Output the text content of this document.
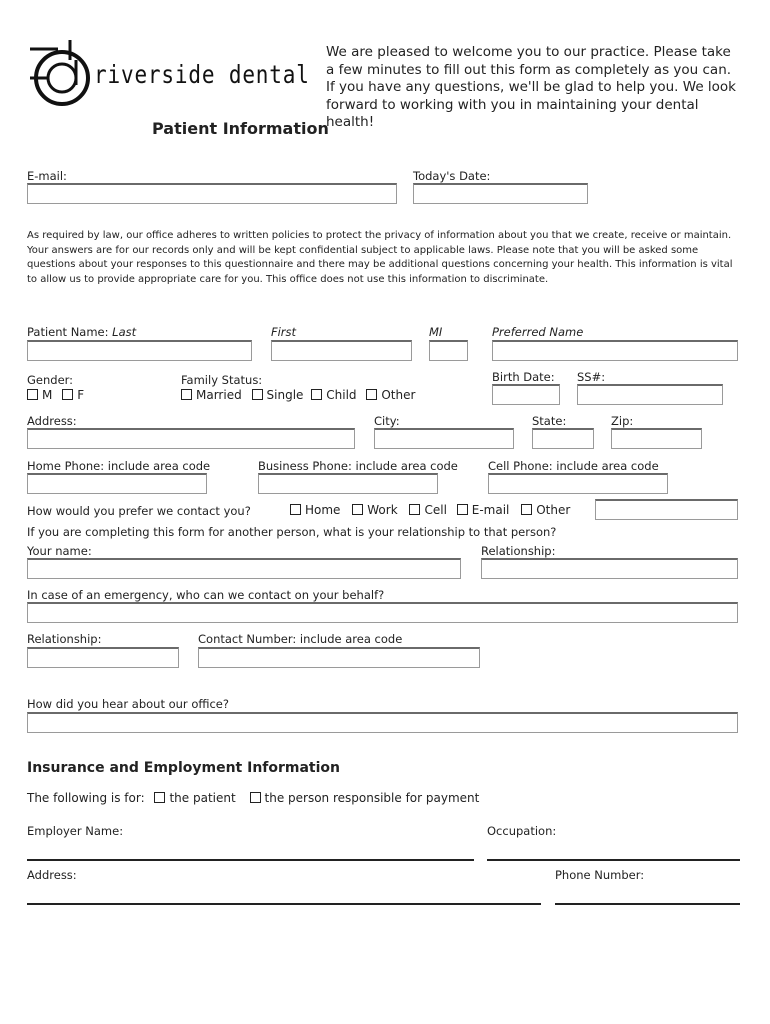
riverside dental
Patient Information
We are pleased to welcome you to our practice. Please take a few minutes to fill out this form as completely as you can. If you have any questions, we'll be glad to help you. We look forward to working with you in maintaining your dental health!
E-mail:	Today's Date:
As required by law, our office adheres to written policies to protect the privacy of information about you that we create, receive or maintain. Your answers are for our records only and will be kept confidential subject to applicable laws. Please note that you will be asked some questions about your responses to this questionnaire and there may be additional questions concerning your health. This information is vital to allow us to provide appropriate care for you. This office does not use this information to discriminate.
Patient Name: Last	First	MI	Preferred Name
Gender:
M F
Family Status:
Married Single Child Other
Birth Date: SS#:
Address:	City:	State:	Zip:
Home Phone: include area code	Business Phone: include area code	Cell Phone: include area code
How would you prefer we contact you?	Home Work Cell E-mail Other
If you are completing this form for another person, what is your relationship to that person?
Your name:	Relationship:
In case of an emergency, who can we contact on your behalf?
Relationship:	Contact Number: include area code
How did you hear about our office?
Insurance and Employment Information
The following is for: the patient the person responsible for payment
Employer Name:	Occupation:
Address:	Phone Number:
